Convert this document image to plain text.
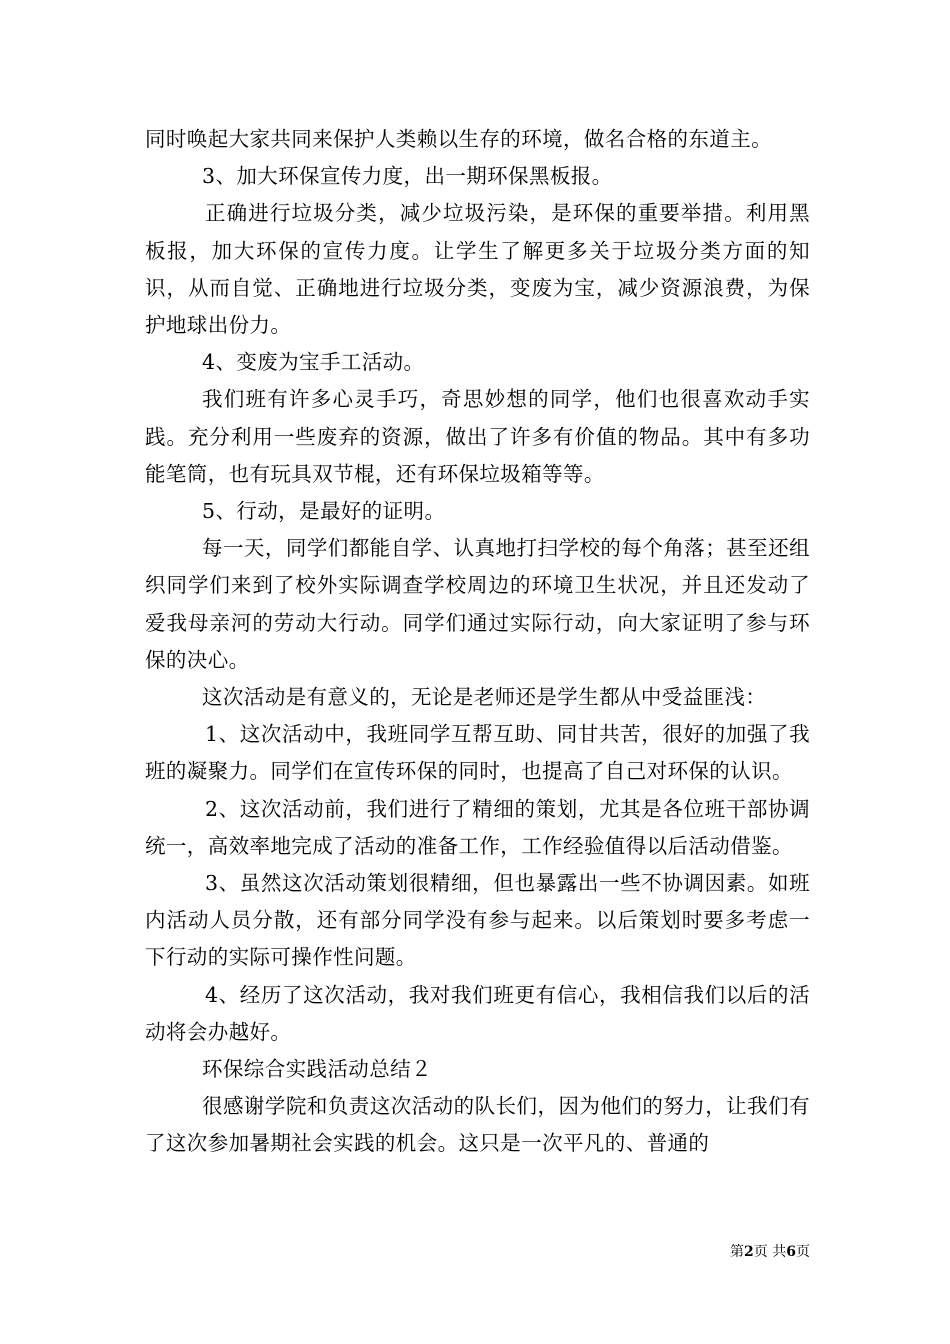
同时唤起大家共同来保护人类赖以生存的环境，做名合格的东道主。

3、加大环保宣传力度，出一期环保黑板报。

正确进行垃圾分类，减少垃圾污染，是环保的重要举措。利用黑板报，加大环保的宣传力度。让学生了解更多关于垃圾分类方面的知识，从而自觉、正确地进行垃圾分类，变废为宝，减少资源浪费，为保护地球出份力。

4、变废为宝手工活动。

我们班有许多心灵手巧，奇思妙想的同学，他们也很喜欢动手实践。充分利用一些废弃的资源，做出了许多有价值的物品。其中有多功能笔筒，也有玩具双节棍，还有环保垃圾箱等等。

5、行动，是最好的证明。

每一天，同学们都能自学、认真地打扫学校的每个角落；甚至还组织同学们来到了校外实际调查学校周边的环境卫生状况，并且还发动了爱我母亲河的劳动大行动。同学们通过实际行动，向大家证明了参与环保的决心。

这次活动是有意义的，无论是老师还是学生都从中受益匪浅：

1、这次活动中，我班同学互帮互助、同甘共苦，很好的加强了我班的凝聚力。同学们在宣传环保的同时，也提高了自己对环保的认识。

2、这次活动前，我们进行了精细的策划，尤其是各位班干部协调统一，高效率地完成了活动的准备工作，工作经验值得以后活动借鉴。

3、虽然这次活动策划很精细，但也暴露出一些不协调因素。如班内活动人员分散，还有部分同学没有参与起来。以后策划时要多考虑一下行动的实际可操作性问题。

4、经历了这次活动，我对我们班更有信心，我相信我们以后的活动将会办越好。

环保综合实践活动总结２

很感谢学院和负责这次活动的队长们，因为他们的努力，让我们有了这次参加暑期社会实践的机会。这只是一次平凡的、普通的

第2页 共6页
